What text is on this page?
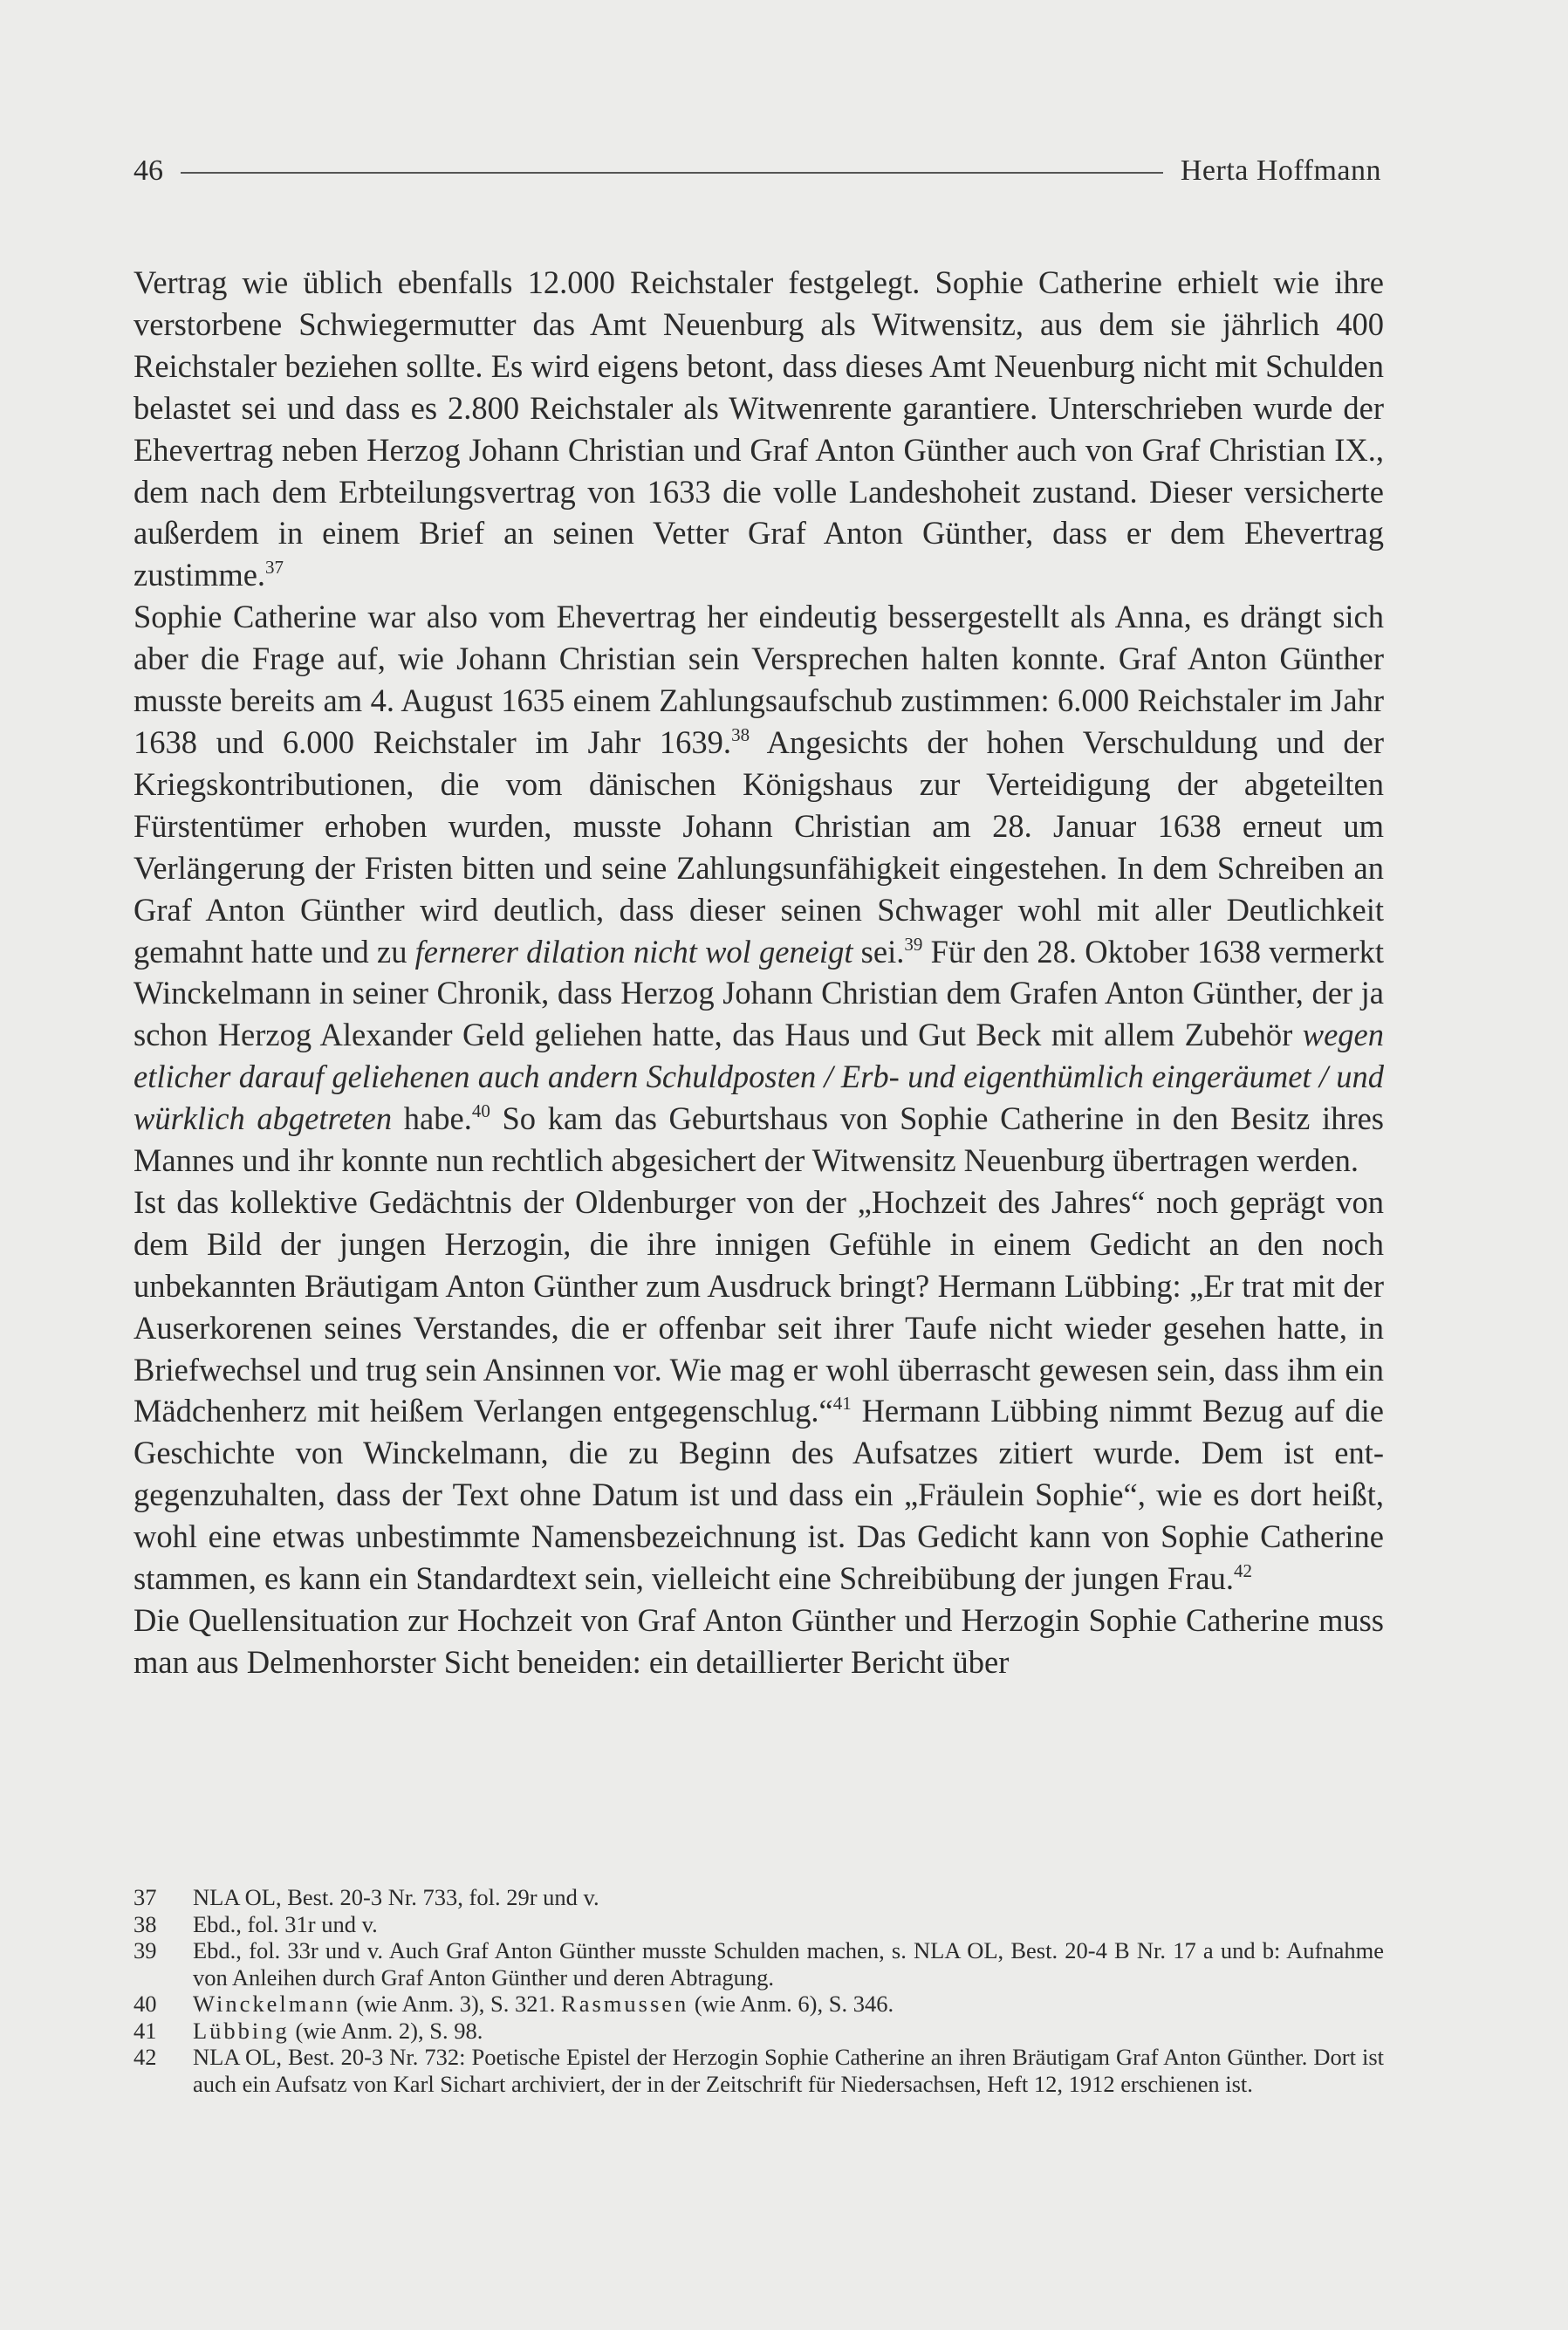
46	Herta Hoffmann

Vertrag wie üblich ebenfalls 12.000 Reichstaler festgelegt. Sophie Catherine erhielt wie ihre verstorbene Schwiegermutter das Amt Neuenburg als Witwensitz, aus dem sie jährlich 400 Reichstaler beziehen sollte. Es wird eigens betont, dass dieses Amt Neuenburg nicht mit Schulden belastet sei und dass es 2.800 Reichstaler als Witwenrente garantiere. Unterschrieben wurde der Ehevertrag neben Herzog Johann Christian und Graf Anton Günther auch von Graf Christian IX., dem nach dem Erbteilungsvertrag von 1633 die volle Landeshoheit zustand. Dieser versicherte außerdem in einem Brief an seinen Vetter Graf Anton Günther, dass er dem Ehevertrag zustimme.$^{37}$

Sophie Catherine war also vom Ehevertrag her eindeutig bessergestellt als Anna, es drängt sich aber die Frage auf, wie Johann Christian sein Versprechen halten konnte. Graf Anton Günther musste bereits am 4. August 1635 einem Zahlungsaufschub zustimmen: 6.000 Reichstaler im Jahr 1638 und 6.000 Reichstaler im Jahr 1639.38 Angesichts der hohen Verschuldung und der Kriegskontributionen, die vom dänischen Königshaus zur Verteidigung der abgeteilten Fürstentümer erhoben wurden, musste Johann Christian am 28. Januar 1638 erneut um Verlängerung der Fristen bitten und seine Zahlungsunfähigkeit eingestehen. In dem Schreiben an Graf Anton Günther wird deutlich, dass dieser seinen Schwager wohl mit aller Deutlichkeit gemahnt hatte und zu fernerer dilation nicht wol geneigt sei.$^{39}$ Für den 28. Oktober 1638 vermerkt Winckelmann in seiner Chronik, dass Herzog Johann Christian dem Grafen Anton Günther, der ja schon Herzog Alexander Geld geliehen hatte, das Haus und Gut Beck mit allem Zubehör wegen etlicher darauf geliehenen auch andern Schuldposten / Erb- und eigenthümlich eingeräumet / und würklich abgetreten habe.$^{40}$ So kam das Geburtshaus von Sophie Catherine in den Besitz ihres Mannes und ihr konnte nun rechtlich abgesichert der Witwensitz Neuenburg übertragen werden.

Ist das kollektive Gedächtnis der Oldenburger von der „Hochzeit des Jahres“ noch geprägt von dem Bild der jungen Herzogin, die ihre innigen Gefühle in einem Gedicht an den noch unbekannten Bräutigam Anton Günther zum Ausdruck bringt? Hermann Lübbing: „Er trat mit der Auserkorenen seines Verstandes, die er offenbar seit ihrer Taufe nicht wieder gesehen hatte, in Briefwechsel und trug sein Ansinnen vor. Wie mag er wohl überrascht gewesen sein, dass ihm ein Mädchenherz mit heißem Verlangen entgegenschlug.“$^{41}$ Hermann Lübbing nimmt Bezug auf die Geschichte von Winckelmann, die zu Beginn des Aufsatzes zitiert wurde. Dem ist entgegenzuhalten, dass der Text ohne Datum ist und dass ein „Fräulein Sophie“, wie es dort heißt, wohl eine etwas unbestimmte Namensbezeichnung ist. Das Gedicht kann von Sophie Catherine stammen, es kann ein Standardtext sein, vielleicht eine Schreibübung der jungen Frau.$^{42}$

Die Quellensituation zur Hochzeit von Graf Anton Günther und Herzogin Sophie Catherine muss man aus Delmenhorster Sicht beneiden: ein detaillierter Bericht über

37	NLA OL, Best. 20-3 Nr. 733, fol. 29r und v.
38	Ebd., fol. 31r und v.
39	Ebd., fol. 33r und v. Auch Graf Anton Günther musste Schulden machen, s. NLA OL, Best. 20-4 B Nr. 17 a und b: Aufnahme von Anleihen durch Graf Anton Günther und deren Abtragung.
40	Winckelmann (wie Anm. 3), S. 321. Rasmussen (wie Anm. 6), S. 346.
41	Lübbing (wie Anm. 2), S. 98.
42	NLA OL, Best. 20-3 Nr. 732: Poetische Epistel der Herzogin Sophie Catherine an ihren Bräutigam Graf Anton Günther. Dort ist auch ein Aufsatz von Karl Sichart archiviert, der in der Zeitschrift für Niedersachsen, Heft 12, 1912 erschienen ist.
